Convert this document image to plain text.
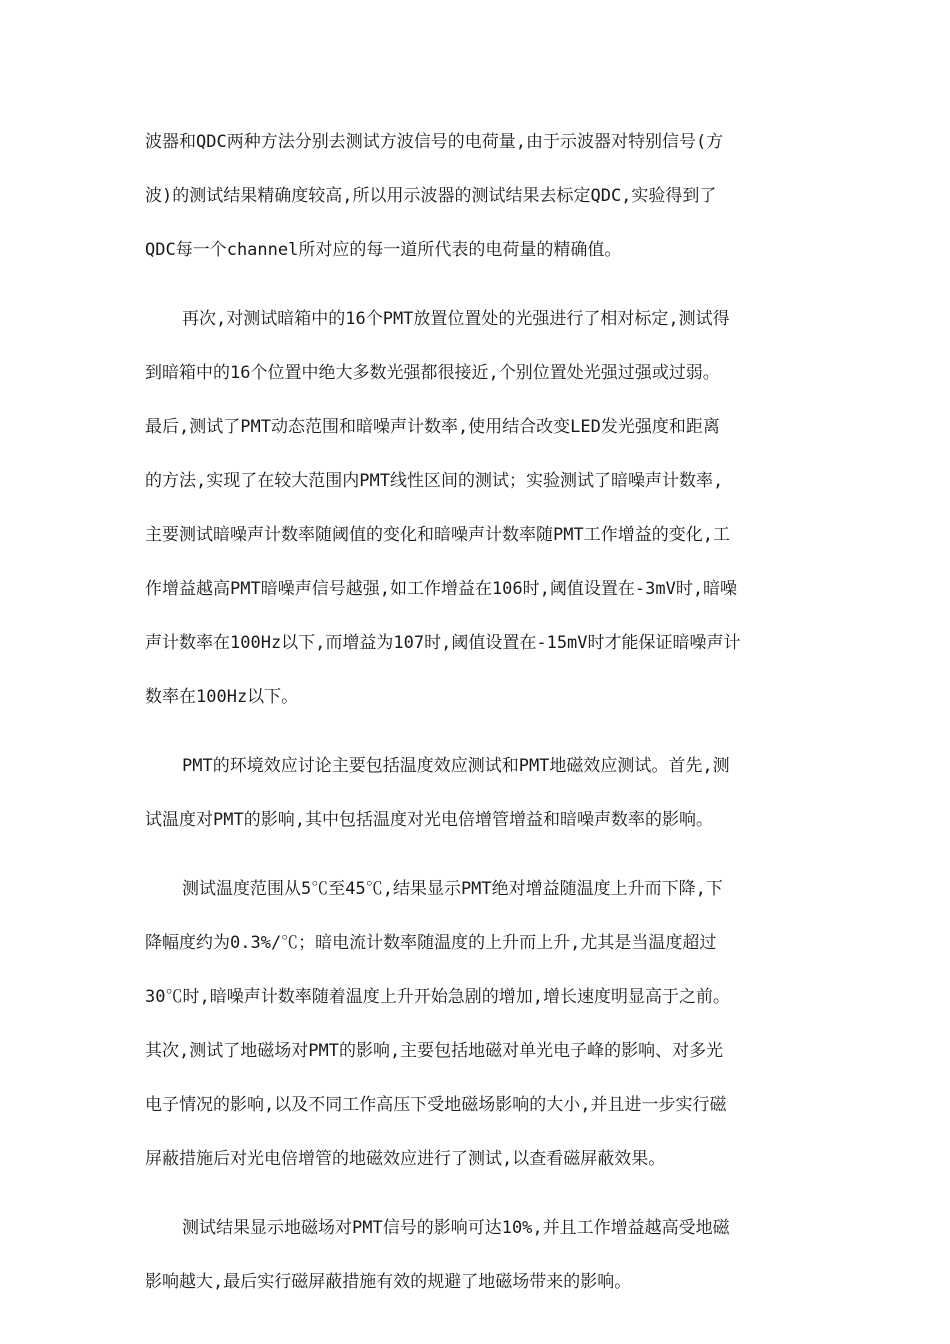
波器和QDC两种方法分别去测试方波信号的电荷量,由于示波器对特别信号(方
波)的测试结果精确度较高,所以用示波器的测试结果去标定QDC,实验得到了
QDC每一个channel所对应的每一道所代表的电荷量的精确值。
再次,对测试暗箱中的16个PMT放置位置处的光强进行了相对标定,测试得
到暗箱中的16个位置中绝大多数光强都很接近,个别位置处光强过强或过弱。
最后,测试了PMT动态范围和暗噪声计数率,使用结合改变LED发光强度和距离
的方法,实现了在较大范围内PMT线性区间的测试；实验测试了暗噪声计数率,
主要测试暗噪声计数率随阈值的变化和暗噪声计数率随PMT工作增益的变化,工
作增益越高PMT暗噪声信号越强,如工作增益在106时,阈值设置在-3mV时,暗噪
声计数率在100Hz以下,而增益为107时,阈值设置在-15mV时才能保证暗噪声计
数率在100Hz以下。
PMT的环境效应讨论主要包括温度效应测试和PMT地磁效应测试。首先,测
试温度对PMT的影响,其中包括温度对光电倍增管增益和暗噪声数率的影响。
测试温度范围从5℃至45℃,结果显示PMT绝对增益随温度上升而下降,下
降幅度约为0.3%/℃；暗电流计数率随温度的上升而上升,尤其是当温度超过
30℃时,暗噪声计数率随着温度上升开始急剧的增加,增长速度明显高于之前。
其次,测试了地磁场对PMT的影响,主要包括地磁对单光电子峰的影响、对多光
电子情况的影响,以及不同工作高压下受地磁场影响的大小,并且进一步实行磁
屏蔽措施后对光电倍增管的地磁效应进行了测试,以查看磁屏蔽效果。
测试结果显示地磁场对PMT信号的影响可达10%,并且工作增益越高受地磁
影响越大,最后实行磁屏蔽措施有效的规避了地磁场带来的影响。
